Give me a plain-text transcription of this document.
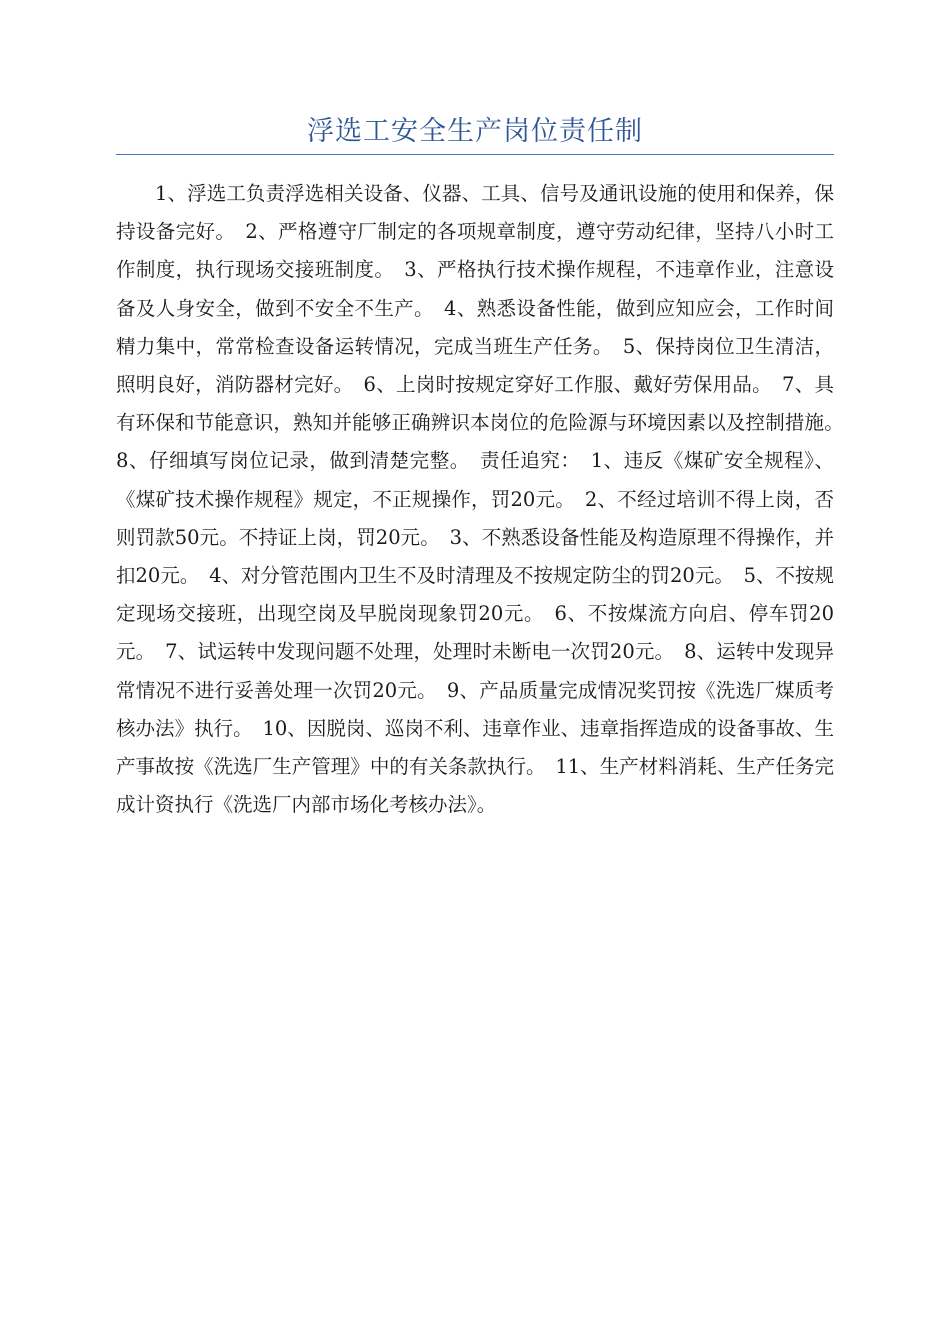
浮选工安全生产岗位责任制

1、浮选工负责浮选相关设备、仪器、工具、信号及通讯设施的使用和保养，保持设备完好。　2、严格遵守厂制定的各项规章制度，遵守劳动纪律，坚持八小时工作制度，执行现场交接班制度。　3、严格执行技术操作规程，不违章作业，注意设备及人身安全，做到不安全不生产。　4、熟悉设备性能，做到应知应会，工作时间精力集中，常常检查设备运转情况，完成当班生产任务。　5、保持岗位卫生清洁，照明良好，消防器材完好。　6、上岗时按规定穿好工作服、戴好劳保用品。　7、具有环保和节能意识，熟知并能够正确辨识本岗位的危险源与环境因素以及控制措施。　8、仔细填写岗位记录，做到清楚完整。　责任追究：　1、违反《煤矿安全规程》、《煤矿技术操作规程》规定，不正规操作，罚20元。　2、不经过培训不得上岗，否则罚款50元。不持证上岗，罚20元。　3、不熟悉设备性能及构造原理不得操作，并扣20元。　4、对分管范围内卫生不及时清理及不按规定防尘的罚20元。　5、不按规定现场交接班，出现空岗及早脱岗现象罚20元。　6、不按煤流方向启、停车罚20元。　7、试运转中发现问题不处理，处理时未断电一次罚20元。　8、运转中发现异常情况不进行妥善处理一次罚20元。　9、产品质量完成情况奖罚按《洗选厂煤质考核办法》执行。　10、因脱岗、巡岗不利、违章作业、违章指挥造成的设备事故、生产事故按《洗选厂生产管理》中的有关条款执行。　11、生产材料消耗、生产任务完成计资执行《洗选厂内部市场化考核办法》。
